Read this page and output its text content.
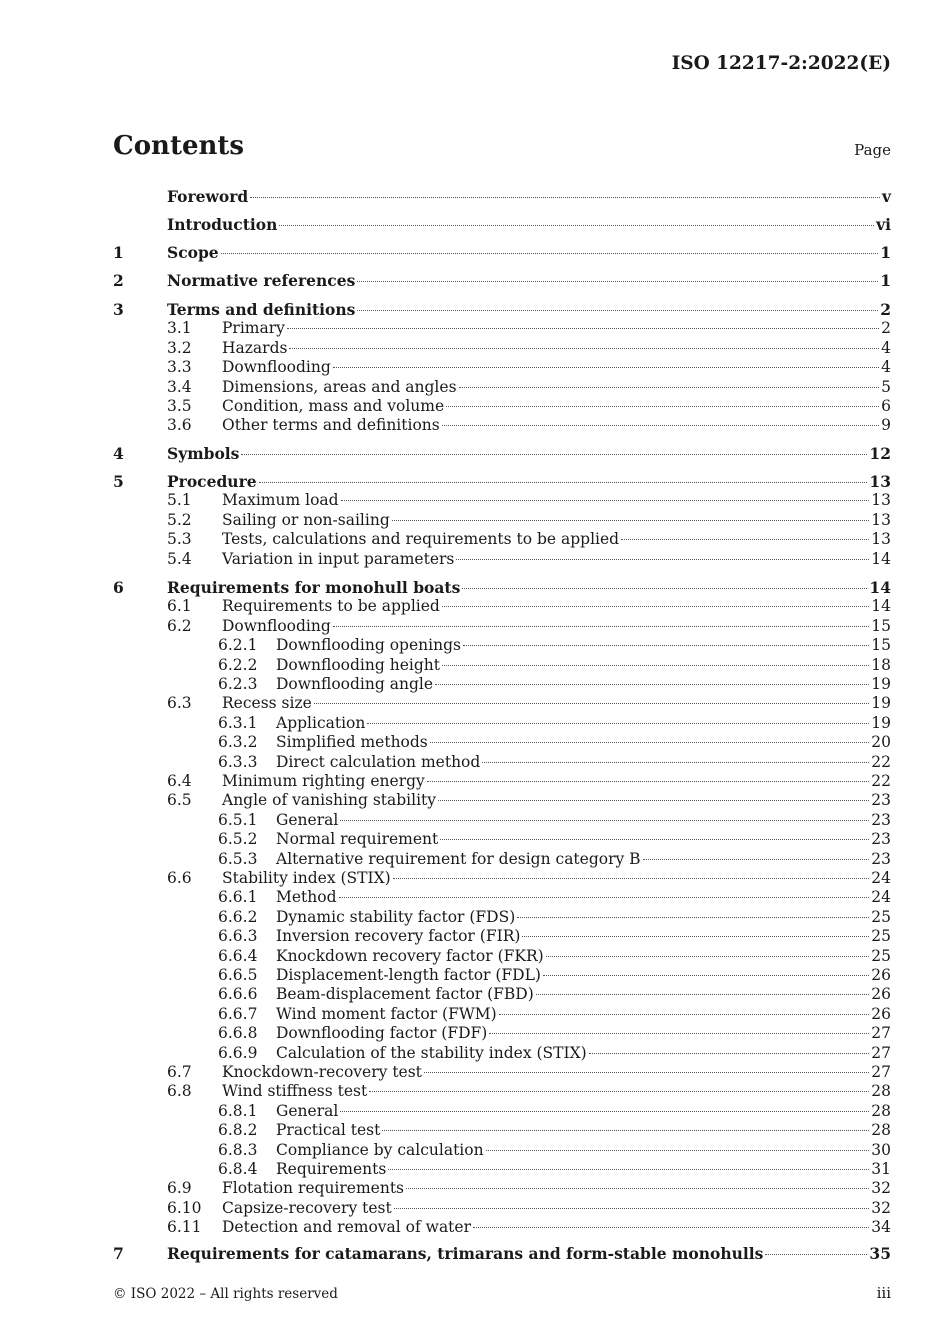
ISO 12217-2:2022(E)
Contents	Page
Foreword	v
Introduction	vi
1	Scope	1
2	Normative references	1
3	Terms and definitions	2
3.1	Primary	2
3.2	Hazards	4
3.3	Downflooding	4
3.4	Dimensions, areas and angles	5
3.5	Condition, mass and volume	6
3.6	Other terms and definitions	9
4	Symbols	12
5	Procedure	13
5.1	Maximum load	13
5.2	Sailing or non-sailing	13
5.3	Tests, calculations and requirements to be applied	13
5.4	Variation in input parameters	14
6	Requirements for monohull boats	14
6.1	Requirements to be applied	14
6.2	Downflooding	15
6.2.1	Downflooding openings	15
6.2.2	Downflooding height	18
6.2.3	Downflooding angle	19
6.3	Recess size	19
6.3.1	Application	19
6.3.2	Simplified methods	20
6.3.3	Direct calculation method	22
6.4	Minimum righting energy	22
6.5	Angle of vanishing stability	23
6.5.1	General	23
6.5.2	Normal requirement	23
6.5.3	Alternative requirement for design category B	23
6.6	Stability index (STIX)	24
6.6.1	Method	24
6.6.2	Dynamic stability factor (FDS)	25
6.6.3	Inversion recovery factor (FIR)	25
6.6.4	Knockdown recovery factor (FKR)	25
6.6.5	Displacement-length factor (FDL)	26
6.6.6	Beam-displacement factor (FBD)	26
6.6.7	Wind moment factor (FWM)	26
6.6.8	Downflooding factor (FDF)	27
6.6.9	Calculation of the stability index (STIX)	27
6.7	Knockdown-recovery test	27
6.8	Wind stiffness test	28
6.8.1	General	28
6.8.2	Practical test	28
6.8.3	Compliance by calculation	30
6.8.4	Requirements	31
6.9	Flotation requirements	32
6.10	Capsize-recovery test	32
6.11	Detection and removal of water	34
7	Requirements for catamarans, trimarans and form-stable monohulls	35
© ISO 2022 – All rights reserved	iii
